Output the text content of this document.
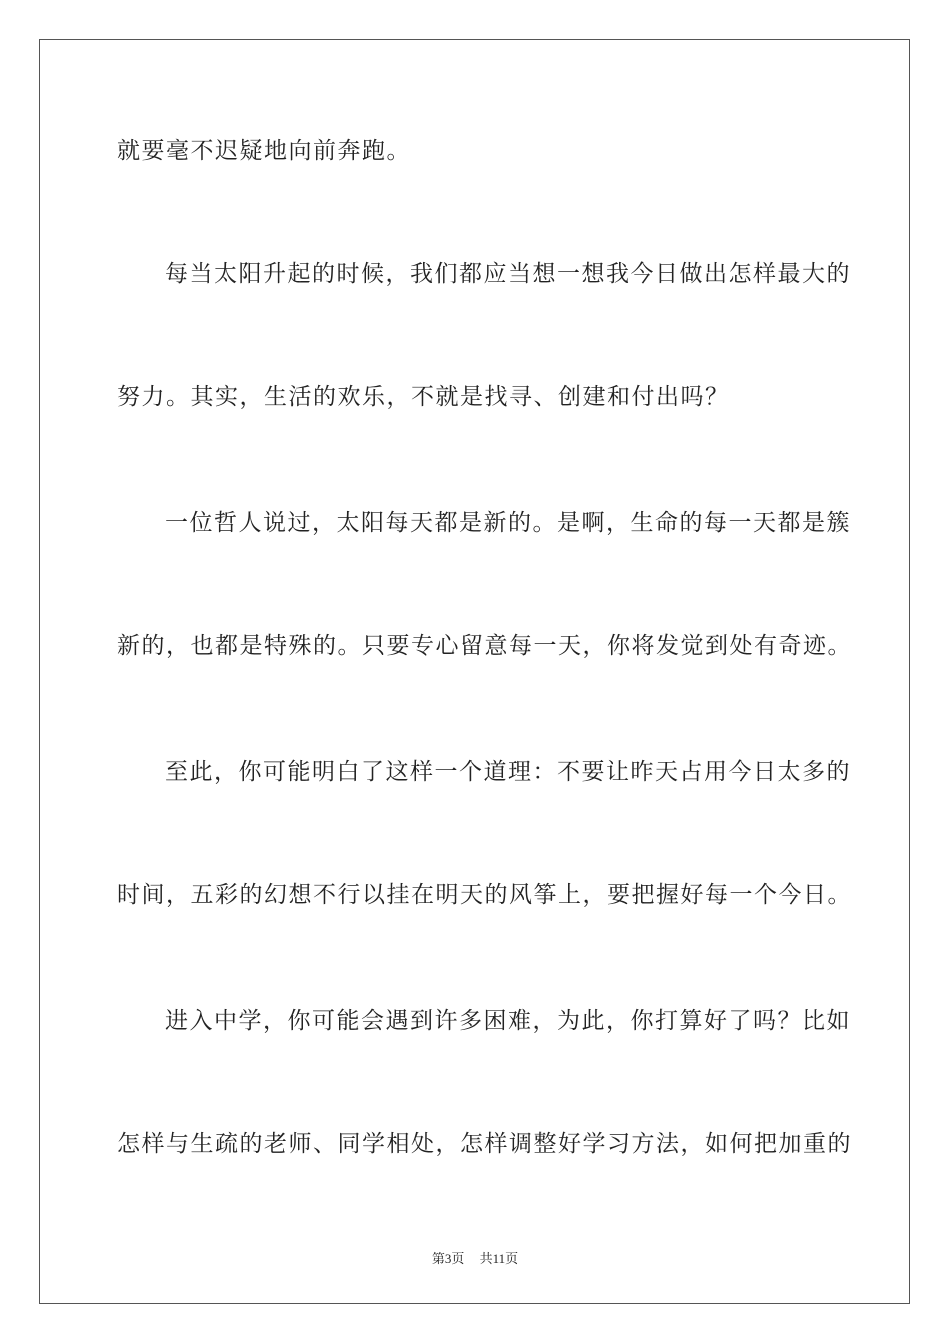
就要毫不迟疑地向前奔跑。
每当太阳升起的时候，我们都应当想一想我今日做出怎样最大的
努力。其实，生活的欢乐，不就是找寻、创建和付出吗？
一位哲人说过，太阳每天都是新的。是啊，生命的每一天都是簇
新的，也都是特殊的。只要专心留意每一天，你将发觉到处有奇迹。
至此，你可能明白了这样一个道理：不要让昨天占用今日太多的
时间，五彩的幻想不行以挂在明天的风筝上，要把握好每一个今日。
进入中学，你可能会遇到许多困难，为此，你打算好了吗？比如
怎样与生疏的老师、同学相处，怎样调整好学习方法，如何把加重的
第3页 共11页
